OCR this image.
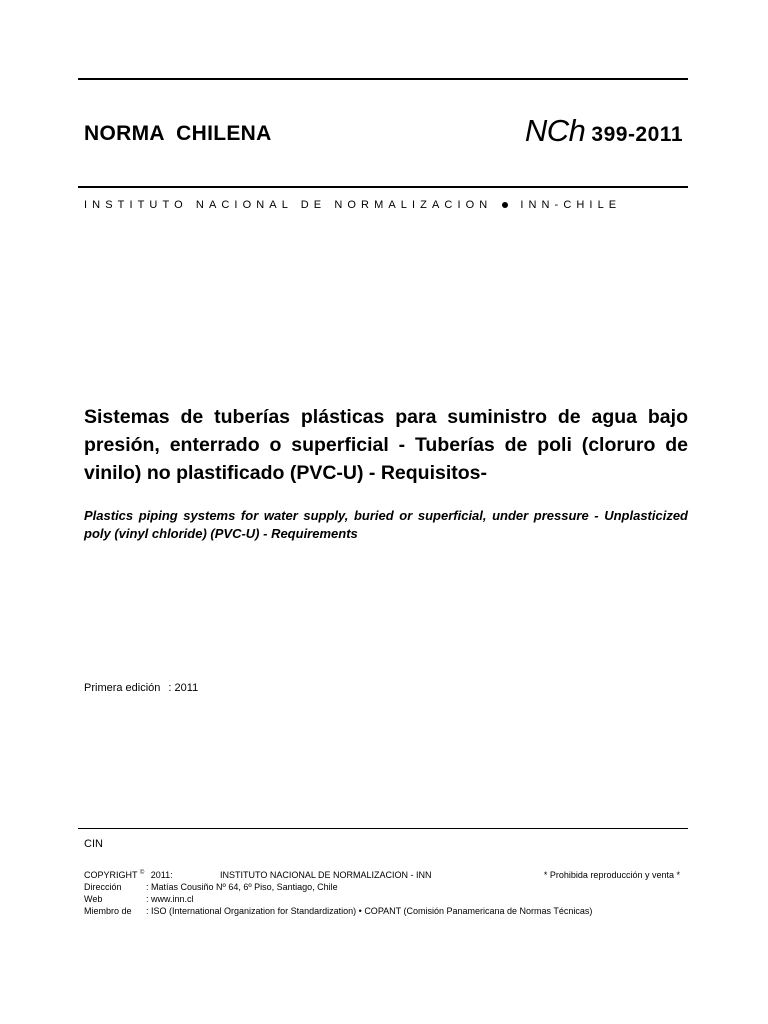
NORMA CHILENA	NCh 399-2011
INSTITUTO NACIONAL DE NORMALIZACION	INN-CHILE

Sistemas de tuberías plásticas para suministro de agua bajo presión, enterrado o superficial - Tuberías de poli (cloruro de vinilo) no plastificado (PVC-U) - Requisitos-

Plastics piping systems for water supply, buried or superficial, under pressure - Unplasticized poly (vinyl chloride) (PVC-U) - Requirements

Primera edición : 2011
CIN
COPYRIGHT © 2011:	INSTITUTO NACIONAL DE NORMALIZACION - INN	* Prohibida reproducción y venta *
Dirección	: Matías Cousiño Nº 64, 6º Piso, Santiago, Chile
Web	: www.inn.cl
Miembro de : ISO (International Organization for Standardization) • COPANT (Comisión Panamericana de Normas Técnicas)
